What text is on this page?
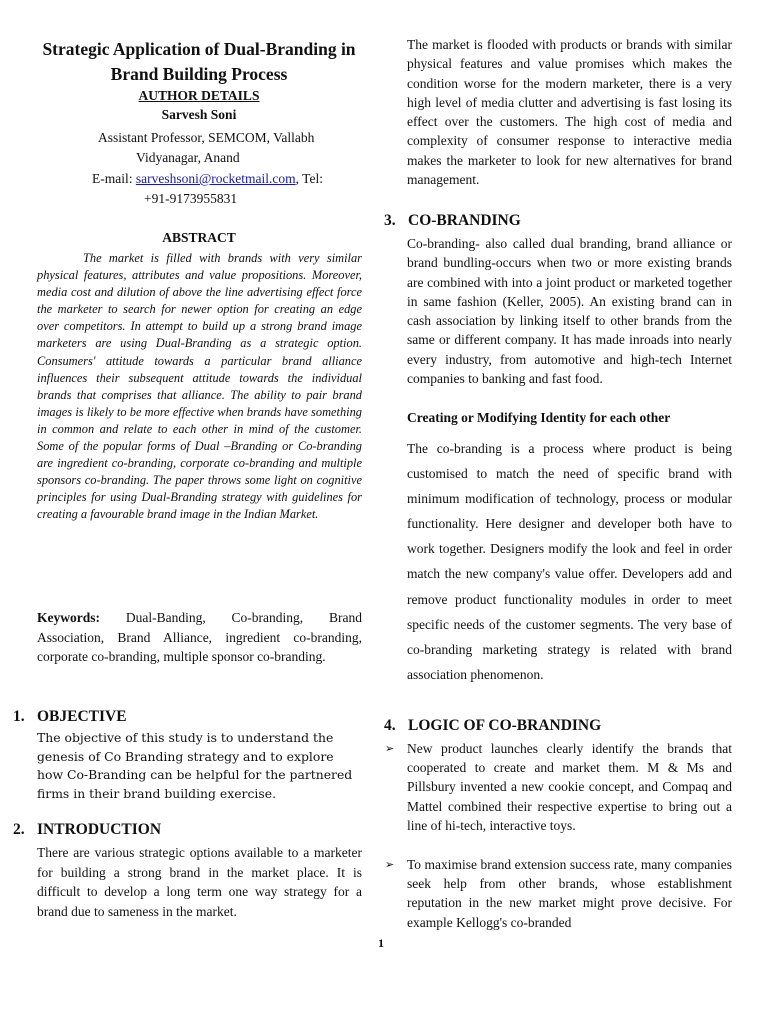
Strategic Application of Dual-Branding in Brand Building Process
AUTHOR DETAILS
Sarvesh Soni
Assistant Professor, SEMCOM, Vallabh
Vidyanagar, Anand
E-mail: sarveshsoni@rocketmail.com, Tel:
+91-9173955831
ABSTRACT

The market is filled with brands with very similar physical features, attributes and value propositions. Moreover, media cost and dilution of above the line advertising effect force the marketer to search for newer option for creating an edge over competitors. In attempt to build up a strong brand image marketers are using Dual-Branding as a strategic option. Consumers' attitude towards a particular brand alliance influences their subsequent attitude towards the individual brands that comprises that alliance. The ability to pair brand images is likely to be more effective when brands have something in common and relate to each other in mind of the customer. Some of the popular forms of Dual –Branding or Co-branding are ingredient co-branding, corporate co-branding and multiple sponsors co-branding. The paper throws some light on cognitive principles for using Dual-Branding strategy with guidelines for creating a favourable brand image in the Indian Market.

Keywords: Dual-Banding, Co-branding, Brand Association, Brand Alliance, ingredient co-branding, corporate co-branding, multiple sponsor co-branding.

1. OBJECTIVE

The objective of this study is to understand the genesis of Co Branding strategy and to explore how Co-Branding can be helpful for the partnered firms in their brand building exercise.

2. INTRODUCTION

There are various strategic options available to a marketer for building a strong brand in the market place. It is difficult to develop a long term one way strategy for a brand due to sameness in the market.

The market is flooded with products or brands with similar physical features and value promises which makes the condition worse for the modern marketer, there is a very high level of media clutter and advertising is fast losing its effect over the customers. The high cost of media and complexity of consumer response to interactive media makes the marketer to look for new alternatives for brand management.

3. CO-BRANDING

Co-branding- also called dual branding, brand alliance or brand bundling-occurs when two or more existing brands are combined with into a joint product or marketed together in same fashion (Keller, 2005). An existing brand can in cash association by linking itself to other brands from the same or different company. It has made inroads into nearly every industry, from automotive and high-tech Internet companies to banking and fast food.

Creating or Modifying Identity for each other

The co-branding is a process where product is being customised to match the need of specific brand with minimum modification of technology, process or modular functionality. Here designer and developer both have to work together. Designers modify the look and feel in order match the new company's value offer. Developers add and remove product functionality modules in order to meet specific needs of the customer segments. The very base of co-branding marketing strategy is related with brand association phenomenon.

4. LOGIC OF CO-BRANDING

➢ New product launches clearly identify the brands that cooperated to create and market them. M & Ms and Pillsbury invented a new cookie concept, and Compaq and Mattel combined their respective expertise to bring out a line of hi-tech, interactive toys.

➢ To maximise brand extension success rate, many companies seek help from other brands, whose establishment reputation in the new market might prove decisive. For example Kellogg's co-branded

1
